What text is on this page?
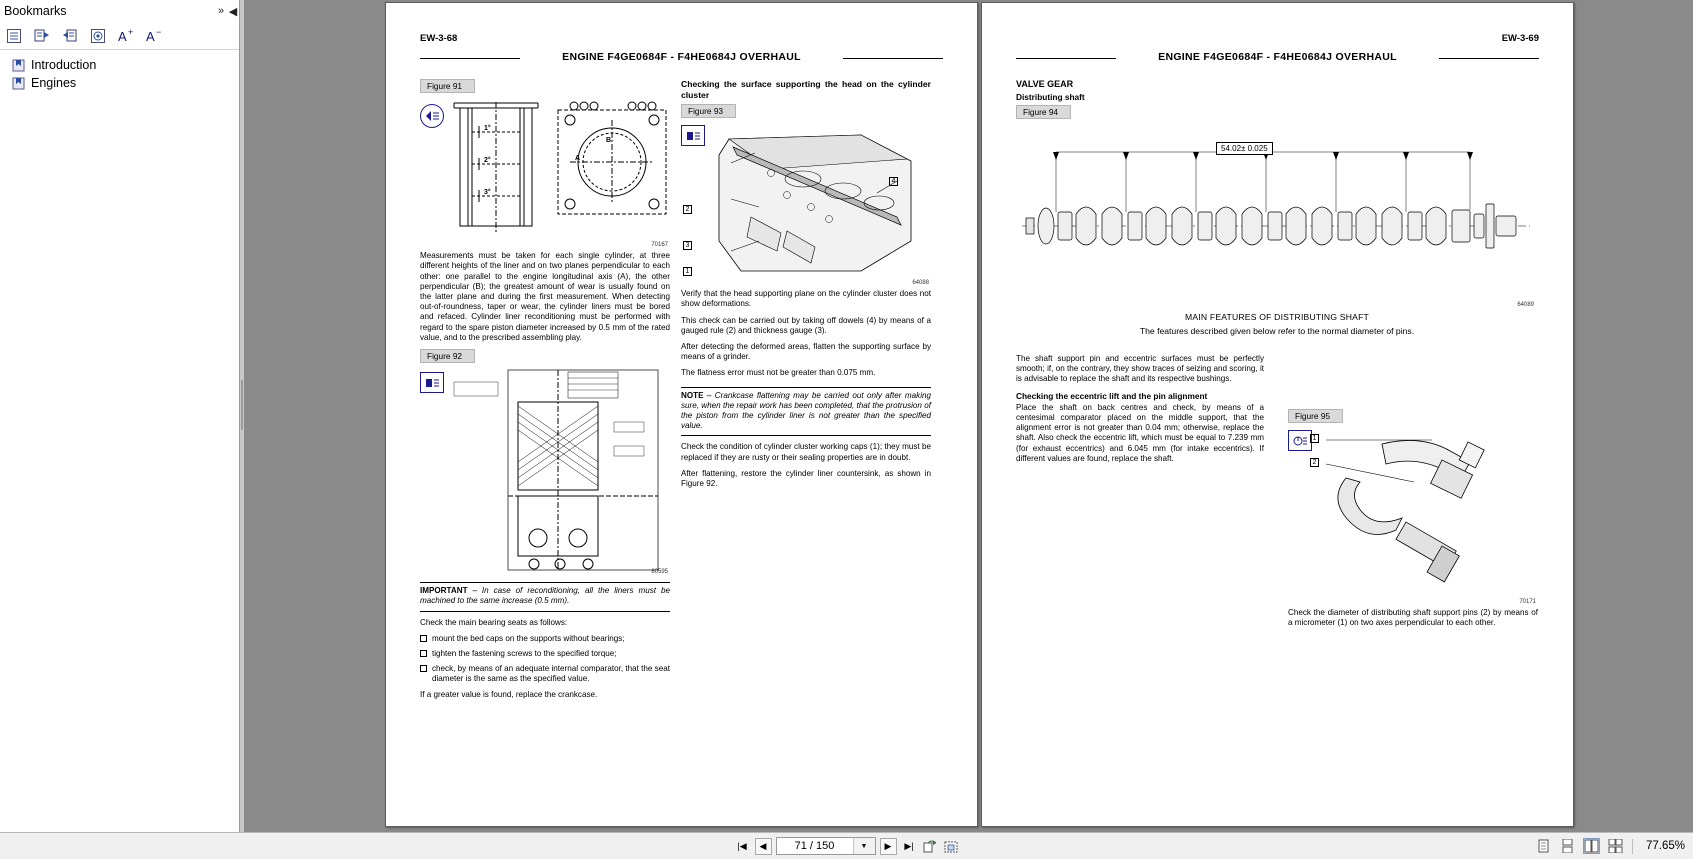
Bookmarks	» ◀
A + A −
Introduction
Engines
EW-3-68
ENGINE F4GE0684F - F4HE0684J OVERHAUL
Figure 91
1°
2°
3°
A
B
70167

Measurements must be taken for each single cylinder, at three different heights of the liner and on two planes perpendicular to each other: one parallel to the engine longitudinal axis (A), the other perpendicular (B); the greatest amount of wear is usually found on the latter plane and during the first measurement. When detecting out-of-roundness, taper or wear, the cylinder liners must be bored and refaced. Cylinder liner reconditioning must be performed with regard to the spare piston diameter increased by 0.5 mm of the rated value, and to the prescribed assembling play.

Figure 92
80595
IMPORTANT – In case of reconditioning, all the liners must be machined to the same increase (0.5 mm).

Check the main bearing seats as follows:

mount the bed caps on the supports without bearings;
tighten the fastening screws to the specified torque;
check, by means of an adequate internal comparator, that the seat diameter is the same as the specified value.

If a greater value is found, replace the crankcase.

Checking the surface supporting the head on the cylinder cluster
Figure 93
2
3
1
4
64088

Verify that the head supporting plane on the cylinder cluster does not show deformations.

This check can be carried out by taking off dowels (4) by means of a gauged rule (2) and thickness gauge (3).

After detecting the deformed areas, flatten the supporting surface by means of a grinder.

The flatness error must not be greater than 0.075 mm.

NOTE – Crankcase flattening may be carried out only after making sure, when the repair work has been completed, that the protrusion of the piston from the cylinder liner is not greater than the specified value.

Check the condition of cylinder cluster working caps (1); they must be replaced if they are rusty or their sealing properties are in doubt.

After flattening, restore the cylinder liner countersink, as shown in Figure 92.

EW-3-69
ENGINE F4GE0684F - F4HE0684J OVERHAUL
VALVE GEAR
Distributing shaft
Figure 94
54.02± 0.025
64089
MAIN FEATURES OF DISTRIBUTING SHAFT
The features described given below refer to the normal diameter of pins.

The shaft support pin and eccentric surfaces must be perfectly smooth; if, on the contrary, they show traces of seizing and scoring, it is advisable to replace the shaft and its respective bushings.

Checking the eccentric lift and the pin alignment

Place the shaft on back centres and check, by means of a centesimal comparator placed on the middle support, that the alignment error is not greater than 0.04 mm; otherwise, replace the shaft. Also check the eccentric lift, which must be equal to 7.239 mm (for exhaust eccentrics) and 6.045 mm (for intake eccentrics). If different values are found, replace the shaft.

Figure 95
1
2
70171

Check the diameter of distributing shaft support pins (2) by means of a micrometer (1) on two axes perpendicular to each other.

|◀	◀
71 / 150	▼	▶	▶|	77.65%
